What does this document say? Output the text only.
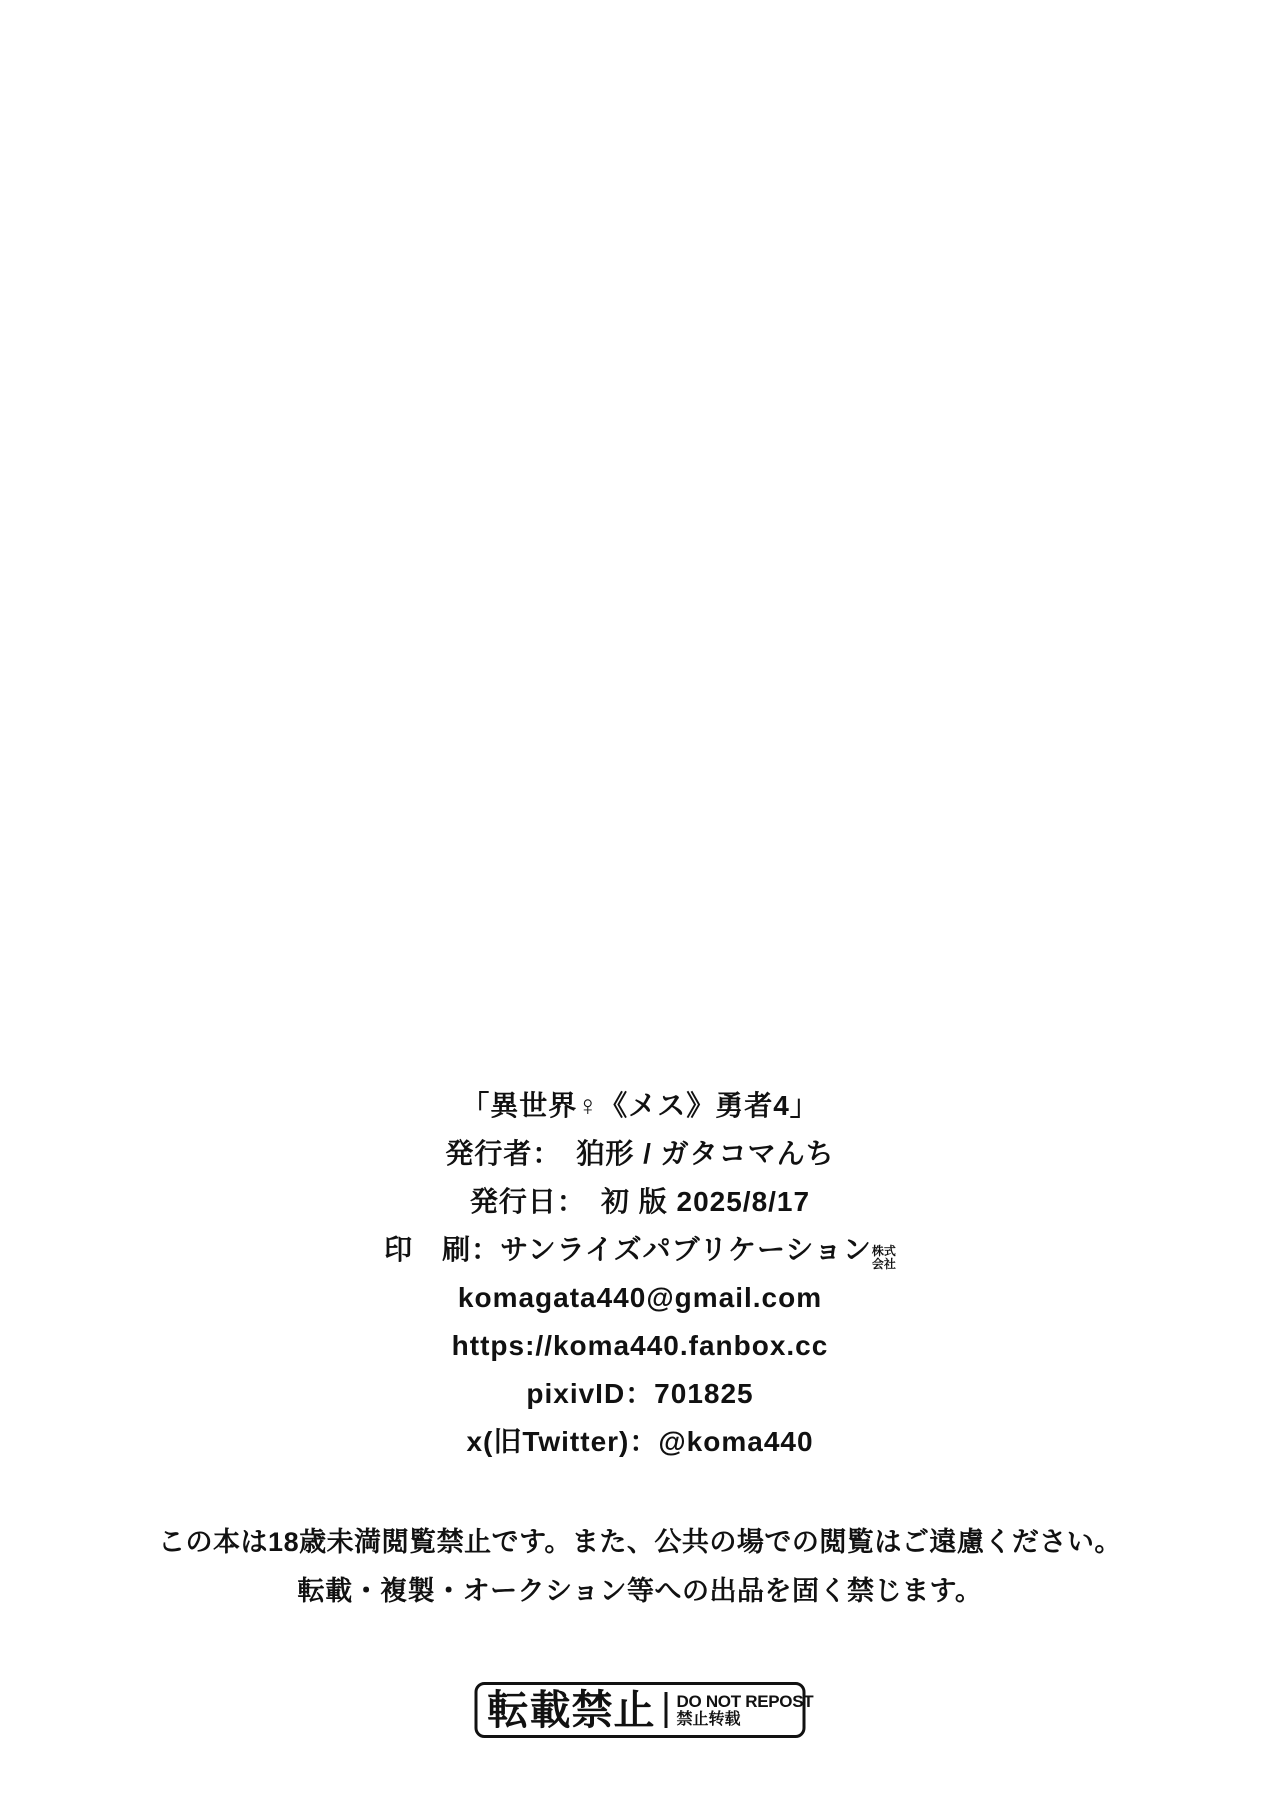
「異世界♀《メス》勇者4」
発行者：　狛形 / ガタコマんち
発行日：　初 版 2025/8/17
印　刷：サンライズパブリケーション 株式
会社
komagata440@gmail.com
https://koma440.fanbox.cc
pixivID：701825
x(旧Twitter)：@koma440
この本は18歳未満閲覧禁止です。また、公共の場での閲覧はご遠慮ください。
転載・複製・オークション等への出品を固く禁じます。
転載禁止 DO NOT REPOST
禁止转载
